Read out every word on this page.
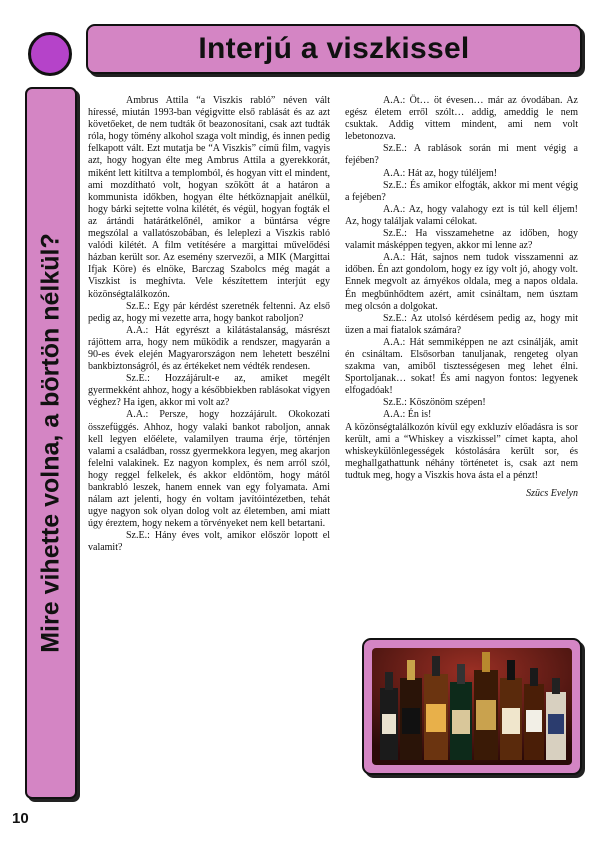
Interjú a viszkissel
Mire vihette volna, a börtön nélkül?

Ambrus Attila “a Viszkis rabló” néven vált híressé, miután 1993-ban végigvitte első rablását és az azt követőeket, de nem tudták őt beazonosítani, csak azt tudták róla, hogy tömény alkohol szaga volt mindig, és innen pedig felkapott vált. Ezt mutatja be “A Viszkis” című film, vagyis azt, hogy hogyan élte meg Ambrus Attila a gyerekkorát, miként lett kitiltva a templomból, és hogyan vitt el mindent, ami mozdítható volt, hogyan szökött át a határon a kommunista időkben, hogyan élte hétköznapjait anélkül, hogy bárki sejtette volna kilétét, és végül, hogyan fogták el az ártándi határátkelőnél, amikor a büntársa végre megszólal a vallatószobában, és leleplezi a Viszkis rabló valódi kilétét. A film vetítésére a margittai művelődési házban került sor. Az esemény szervezői, a MIK (Margittai Ifjak Köre) és elnöke, Barczag Szabolcs még magát a Viszkist is meghívta. Vele készítettem interjút egy közönségtalálkozón.

Sz.E.: Egy pár kérdést szeretnék feltenni. Az első pedig az, hogy mi vezette arra, hogy bankot raboljon?

A.A.: Hát egyrészt a kilátástalanság, másrészt rájöttem arra, hogy nem működik a rendszer, magyarán a 90-es évek elején Magyarországon nem lehetett beszélni bankbiztonságról, és az értékeket nem védték rendesen.

Sz.E.: Hozzájárult-e az, amiket megélt gyermekként ahhoz, hogy a későbbiekben rablásokat vigyen véghez? Ha igen, akkor mi volt az?

A.A.: Persze, hogy hozzájárult. Okokozati összefüggés. Ahhoz, hogy valaki bankot raboljon, annak kell legyen előélete, valamilyen trauma érje, történjen valami a családban, rossz gyermekkora legyen, meg akarjon felelni valakinek. Ez nagyon komplex, és nem arról szól, hogy reggel felkelek, és akkor eldöntöm, hogy mától bankrabló leszek, hanem ennek van egy folyamata. Ami nálam azt jelenti, hogy én voltam javítóintézetben, tehát ugye nagyon sok olyan dolog volt az életemben, ami miatt úgy éreztem, hogy nekem a törvényeket nem kell betartani.

Sz.E.: Hány éves volt, amikor először lopott el valamit?

A.A.: Öt… öt évesen… már az óvodában. Az egész életem erről szólt… addig, ameddig le nem csuktak. Addig vittem mindent, ami nem volt lebetonozva.

Sz.E.: A rablások során mi ment végig a fejében?

A.A.: Hát az, hogy túléljem!

Sz.E.: És amikor elfogták, akkor mi ment végig a fejében?

A.A.: Az, hogy valahogy ezt is túl kell éljem! Az, hogy találjak valami célokat.

Sz.E.: Ha visszamehetne az időben, hogy valamit másképpen tegyen, akkor mi lenne az?

A.A.: Hát, sajnos nem tudok visszamenni az időben. Én azt gondolom, hogy ez így volt jó, ahogy volt. Ennek megvolt az árnyékos oldala, meg a napos oldala. Én megbűnhődtem azért, amit csináltam, nem úsztam meg olcsón a dolgokat.

Sz.E.: Az utolsó kérdésem pedig az, hogy mit üzen a mai fiatalok számára?

A.A.: Hát semmiképpen ne azt csinálják, amit én csináltam. Elsősorban tanuljanak, rengeteg olyan szakma van, amiből tisztességesen meg lehet élni. Sportoljanak… sokat! És ami nagyon fontos: legyenek elfogadóak!

Sz.E.: Köszönöm szépen!

A.A.: Én is!

A közönségtalálkozón kívül egy exkluzív előadásra is sor került, ami a “Whiskey a viszkissel” címet kapta, ahol whiskeykülönlegességek kóstolására került sor, és meghallgathattunk néhány történetet is, csak azt nem tudtuk meg, hogy a Viszkis hova ásta el a pénzt!

Szücs Evelyn

10
